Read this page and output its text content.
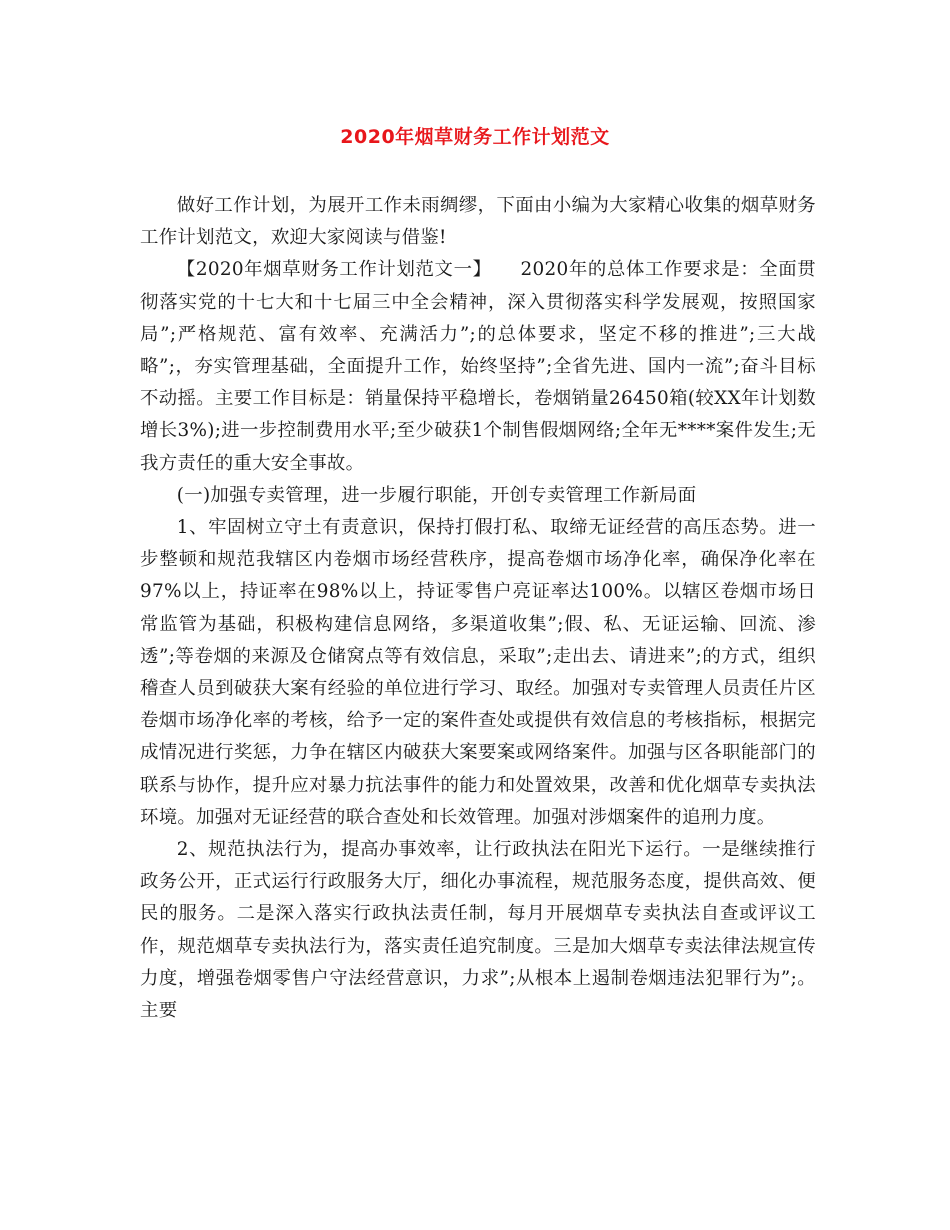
2020年烟草财务工作计划范文

做好工作计划，为展开工作未雨绸缪，下面由小编为大家精心收集的烟草财务工作计划范文，欢迎大家阅读与借鉴!

【2020年烟草财务工作计划范文一】　　2020年的总体工作要求是：全面贯彻落实党的十七大和十七届三中全会精神，深入贯彻落实科学发展观，按照国家局”;严格规范、富有效率、充满活力”;的总体要求，坚定不移的推进”;三大战略”;，夯实管理基础，全面提升工作，始终坚持”;全省先进、国内一流”;奋斗目标不动摇。主要工作目标是：销量保持平稳增长，卷烟销量26450箱(较XX年计划数增长3%);进一步控制费用水平;至少破获1个制售假烟网络;全年无****案件发生;无我方责任的重大安全事故。

(一)加强专卖管理，进一步履行职能，开创专卖管理工作新局面

1、牢固树立守土有责意识，保持打假打私、取缔无证经营的高压态势。进一步整顿和规范我辖区内卷烟市场经营秩序，提高卷烟市场净化率，确保净化率在97%以上，持证率在98%以上，持证零售户亮证率达100%。以辖区卷烟市场日常监管为基础，积极构建信息网络，多渠道收集”;假、私、无证运输、回流、渗透”;等卷烟的来源及仓储窝点等有效信息，采取”;走出去、请进来”;的方式，组织稽查人员到破获大案有经验的单位进行学习、取经。加强对专卖管理人员责任片区卷烟市场净化率的考核，给予一定的案件查处或提供有效信息的考核指标，根据完成情况进行奖惩，力争在辖区内破获大案要案或网络案件。加强与区各职能部门的联系与协作，提升应对暴力抗法事件的能力和处置效果，改善和优化烟草专卖执法环境。加强对无证经营的联合查处和长效管理。加强对涉烟案件的追刑力度。

2、规范执法行为，提高办事效率，让行政执法在阳光下运行。一是继续推行政务公开，正式运行行政服务大厅，细化办事流程，规范服务态度，提供高效、便民的服务。二是深入落实行政执法责任制，每月开展烟草专卖执法自查或评议工作，规范烟草专卖执法行为，落实责任追究制度。三是加大烟草专卖法律法规宣传力度，增强卷烟零售户守法经营意识，力求”;从根本上遏制卷烟违法犯罪行为”;。主要
